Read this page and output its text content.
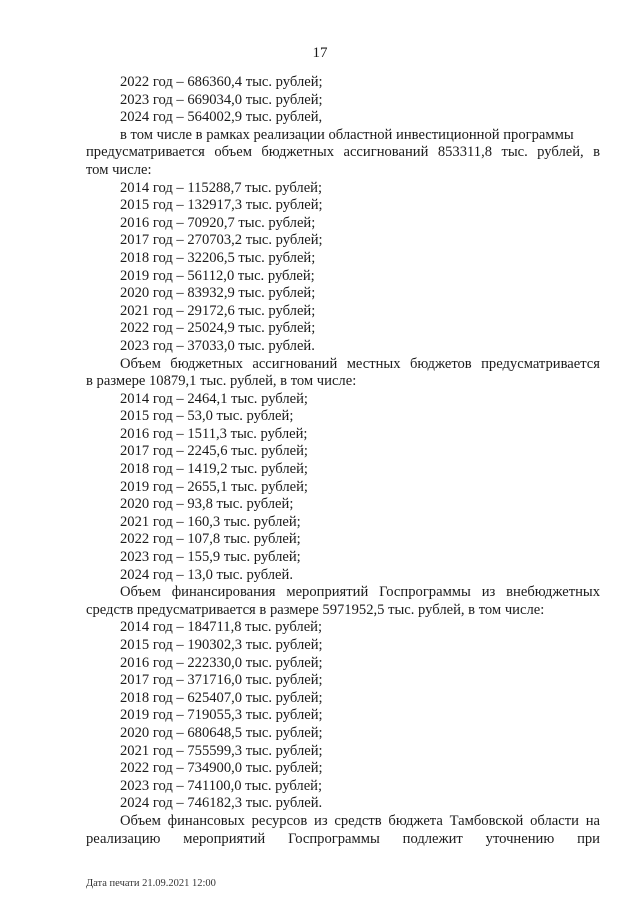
17
2022 год – 686360,4 тыс. рублей;
2023 год – 669034,0 тыс. рублей;
2024 год – 564002,9 тыс. рублей,
в том числе в рамках реализации областной инвестиционной программы
предусматривается объем бюджетных ассигнований 853311,8 тыс. рублей, в
том числе:
2014 год – 115288,7 тыс. рублей;
2015 год – 132917,3 тыс. рублей;
2016 год – 70920,7 тыс. рублей;
2017 год – 270703,2 тыс. рублей;
2018 год – 32206,5 тыс. рублей;
2019 год – 56112,0 тыс. рублей;
2020 год – 83932,9 тыс. рублей;
2021 год – 29172,6 тыс. рублей;
2022 год – 25024,9 тыс. рублей;
2023 год – 37033,0 тыс. рублей.
Объем бюджетных ассигнований местных бюджетов предусматривается
в размере 10879,1 тыс. рублей, в том числе:
2014 год – 2464,1 тыс. рублей;
2015 год – 53,0 тыс. рублей;
2016 год – 1511,3 тыс. рублей;
2017 год – 2245,6 тыс. рублей;
2018 год – 1419,2 тыс. рублей;
2019 год – 2655,1 тыс. рублей;
2020 год – 93,8 тыс. рублей;
2021 год – 160,3 тыс. рублей;
2022 год – 107,8 тыс. рублей;
2023 год – 155,9 тыс. рублей;
2024 год – 13,0 тыс. рублей.
Объем финансирования мероприятий Госпрограммы из внебюджетных
средств предусматривается в размере 5971952,5 тыс. рублей, в том числе:
2014 год – 184711,8 тыс. рублей;
2015 год – 190302,3 тыс. рублей;
2016 год – 222330,0 тыс. рублей;
2017 год – 371716,0 тыс. рублей;
2018 год – 625407,0 тыс. рублей;
2019 год – 719055,3 тыс. рублей;
2020 год – 680648,5 тыс. рублей;
2021 год – 755599,3 тыс. рублей;
2022 год – 734900,0 тыс. рублей;
2023 год – 741100,0 тыс. рублей;
2024 год – 746182,3 тыс. рублей.
Объем финансовых ресурсов из средств бюджета Тамбовской области на
реализацию мероприятий Госпрограммы подлежит уточнению при
Дата печати 21.09.2021 12:00
